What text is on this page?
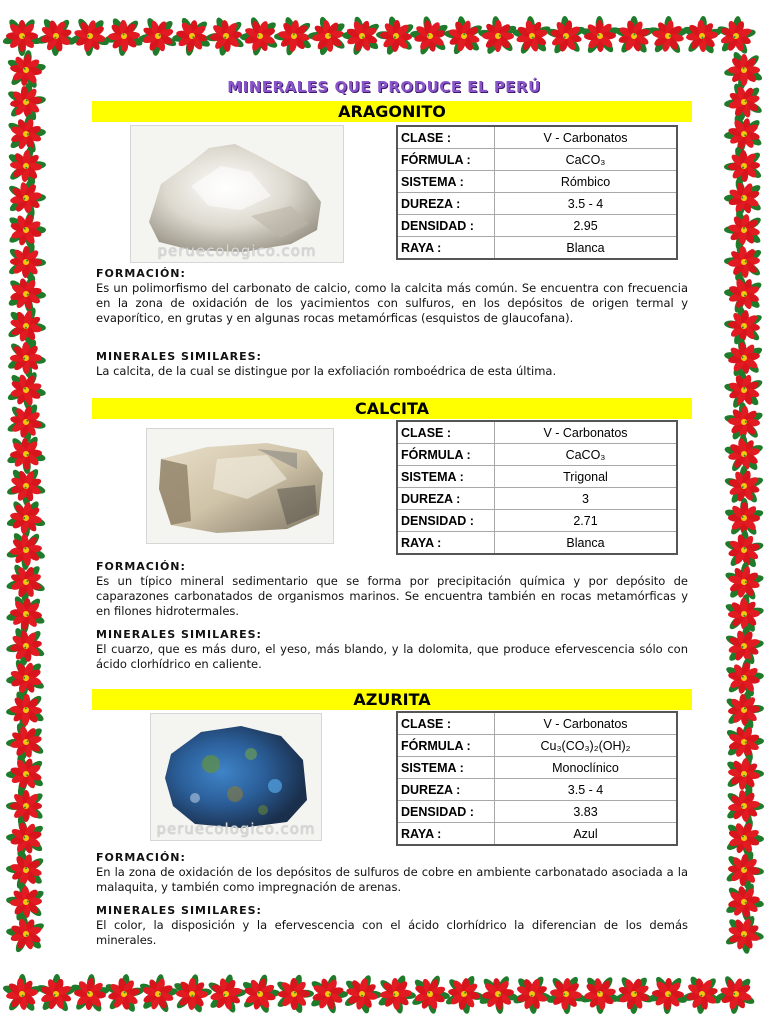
MINERALES QUE PRODUCE EL PERÚ
ARAGONITO
peruecologico.com
CLASE :	V - Carbonatos
FÓRMULA :	CaCO₃
SISTEMA :	Rómbico
DUREZA :	3.5 - 4
DENSIDAD :	2.95
RAYA :	Blanca
FORMACIÓN:
Es un polimorfismo del carbonato de calcio, como la calcita más común. Se encuentra con frecuencia en la zona de oxidación de los yacimientos con sulfuros, en los depósitos de origen termal y evaporítico, en grutas y en algunas rocas metamórficas (esquistos de glaucofana).
MINERALES SIMILARES:
La calcita, de la cual se distingue por la exfoliación romboédrica de esta última.
CALCITA
CLASE :	V - Carbonatos
FÓRMULA :	CaCO₃
SISTEMA :	Trigonal
DUREZA :	3
DENSIDAD :	2.71
RAYA :	Blanca
FORMACIÓN:
Es un típico mineral sedimentario que se forma por precipitación química y por depósito de caparazones carbonatados de organismos marinos. Se encuentra también en rocas metamórficas y en filones hidrotermales.
MINERALES SIMILARES:
El cuarzo, que es más duro, el yeso, más blando, y la dolomita, que produce efervescencia sólo con ácido clorhídrico en caliente.
AZURITA
peruecologico.com
CLASE :	V - Carbonatos
FÓRMULA :	Cu₃(CO₃)₂(OH)₂
SISTEMA :	Monoclínico
DUREZA :	3.5 - 4
DENSIDAD :	3.83
RAYA :	Azul
FORMACIÓN:
En la zona de oxidación de los depósitos de sulfuros de cobre en ambiente carbonatado asociada a la malaquita, y también como impregnación de arenas.
MINERALES SIMILARES:
El color, la disposición y la efervescencia con el ácido clorhídrico la diferencian de los demás minerales.
